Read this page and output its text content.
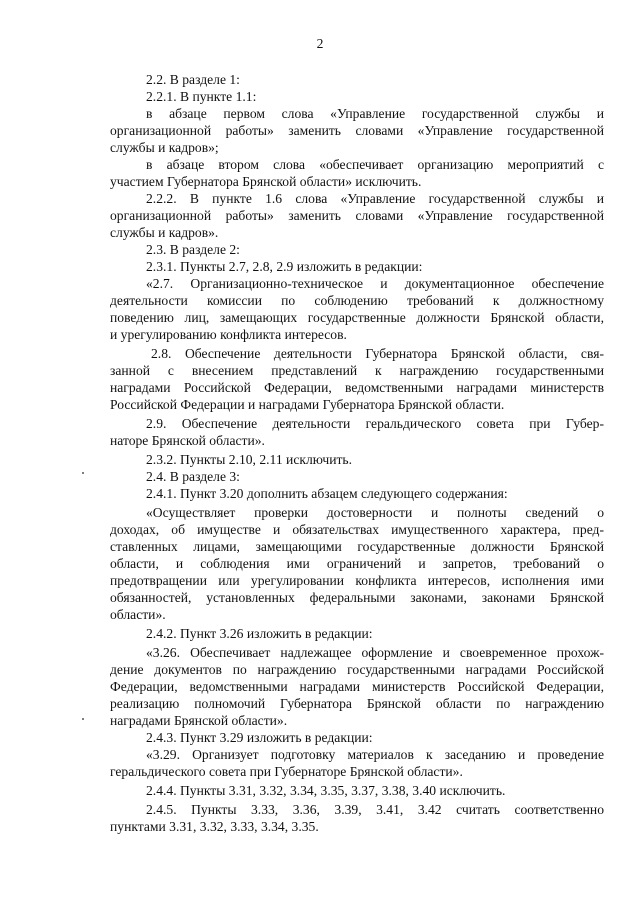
2
2.2. В разделе 1:
2.2.1. В пункте 1.1:
в абзаце первом слова «Управление государственной службы и
организационной работы» заменить словами «Управление государственной
службы и кадров»;
в абзаце втором слова «обеспечивает организацию мероприятий с
участием Губернатора Брянской области» исключить.
2.2.2. В пункте 1.6 слова «Управление государственной службы и
организационной работы» заменить словами «Управление государственной
службы и кадров».
2.3. В разделе 2:
2.3.1. Пункты 2.7, 2.8, 2.9 изложить в редакции:
«2.7. Организационно-техническое и документационное обеспечение
деятельности комиссии по соблюдению требований к должностному
поведению лиц, замещающих государственные должности Брянской области,
и урегулированию конфликта интересов.
2.8. Обеспечение деятельности Губернатора Брянской области, свя-
занной с внесением представлений к награждению государственными
наградами Российской Федерации, ведомственными наградами министерств
Российской Федерации и наградами Губернатора Брянской области.
2.9. Обеспечение деятельности геральдического совета при Губер-
наторе Брянской области».
2.3.2. Пункты 2.10, 2.11 исключить.
2.4. В разделе 3:
2.4.1. Пункт 3.20 дополнить абзацем следующего содержания:
«Осуществляет проверки достоверности и полноты сведений о
доходах, об имуществе и обязательствах имущественного характера, пред-
ставленных лицами, замещающими государственные должности Брянской
области, и соблюдения ими ограничений и запретов, требований о
предотвращении или урегулировании конфликта интересов, исполнения ими
обязанностей, установленных федеральными законами, законами Брянской
области».
2.4.2. Пункт 3.26 изложить в редакции:
«3.26. Обеспечивает надлежащее оформление и своевременное прохож-
дение документов по награждению государственными наградами Российской
Федерации, ведомственными наградами министерств Российской Федерации,
реализацию полномочий Губернатора Брянской области по награждению
наградами Брянской области».
2.4.3. Пункт 3.29 изложить в редакции:
«3.29. Организует подготовку материалов к заседанию и проведение
геральдического совета при Губернаторе Брянской области».
2.4.4. Пункты 3.31, 3.32, 3.34, 3.35, 3.37, 3.38, 3.40 исключить.
2.4.5. Пункты 3.33, 3.36, 3.39, 3.41, 3.42 считать соответственно
пунктами 3.31, 3.32, 3.33, 3.34, 3.35.
